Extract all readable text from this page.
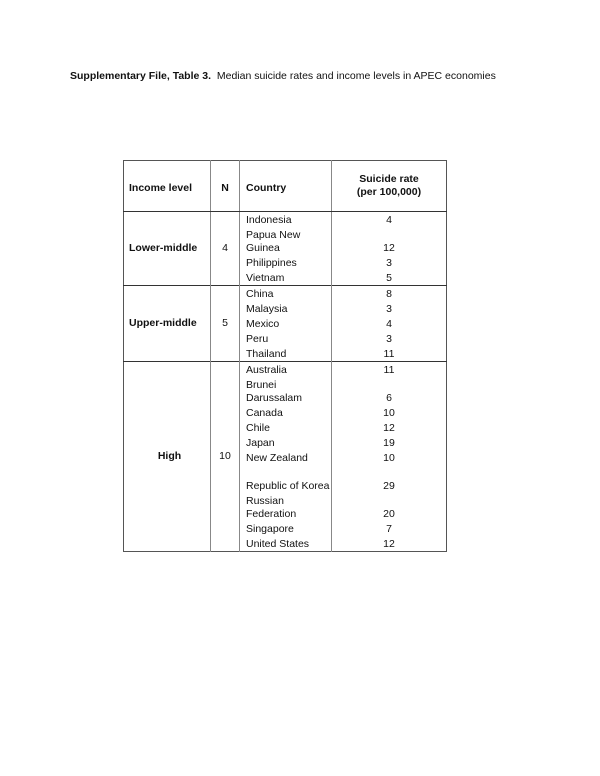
Supplementary File, Table 3. Median suicide rates and income levels in APEC economies
Income level	N	Country	Suicide rate
(per 100,000)

Lower-middle	4	Indonesia	4
		Papua New Guinea	12
		Philippines	3
		Vietnam	5
Upper-middle	5	China	8
		Malaysia	3
		Mexico	4
		Peru	3
		Thailand	11
High	10	Australia	11
		Brunei Darussalam	6
		Canada	10
		Chile	12
		Japan	19
		New Zealand	10
		Republic of Korea	29
		Russian Federation	20
		Singapore	7
		United States	12
